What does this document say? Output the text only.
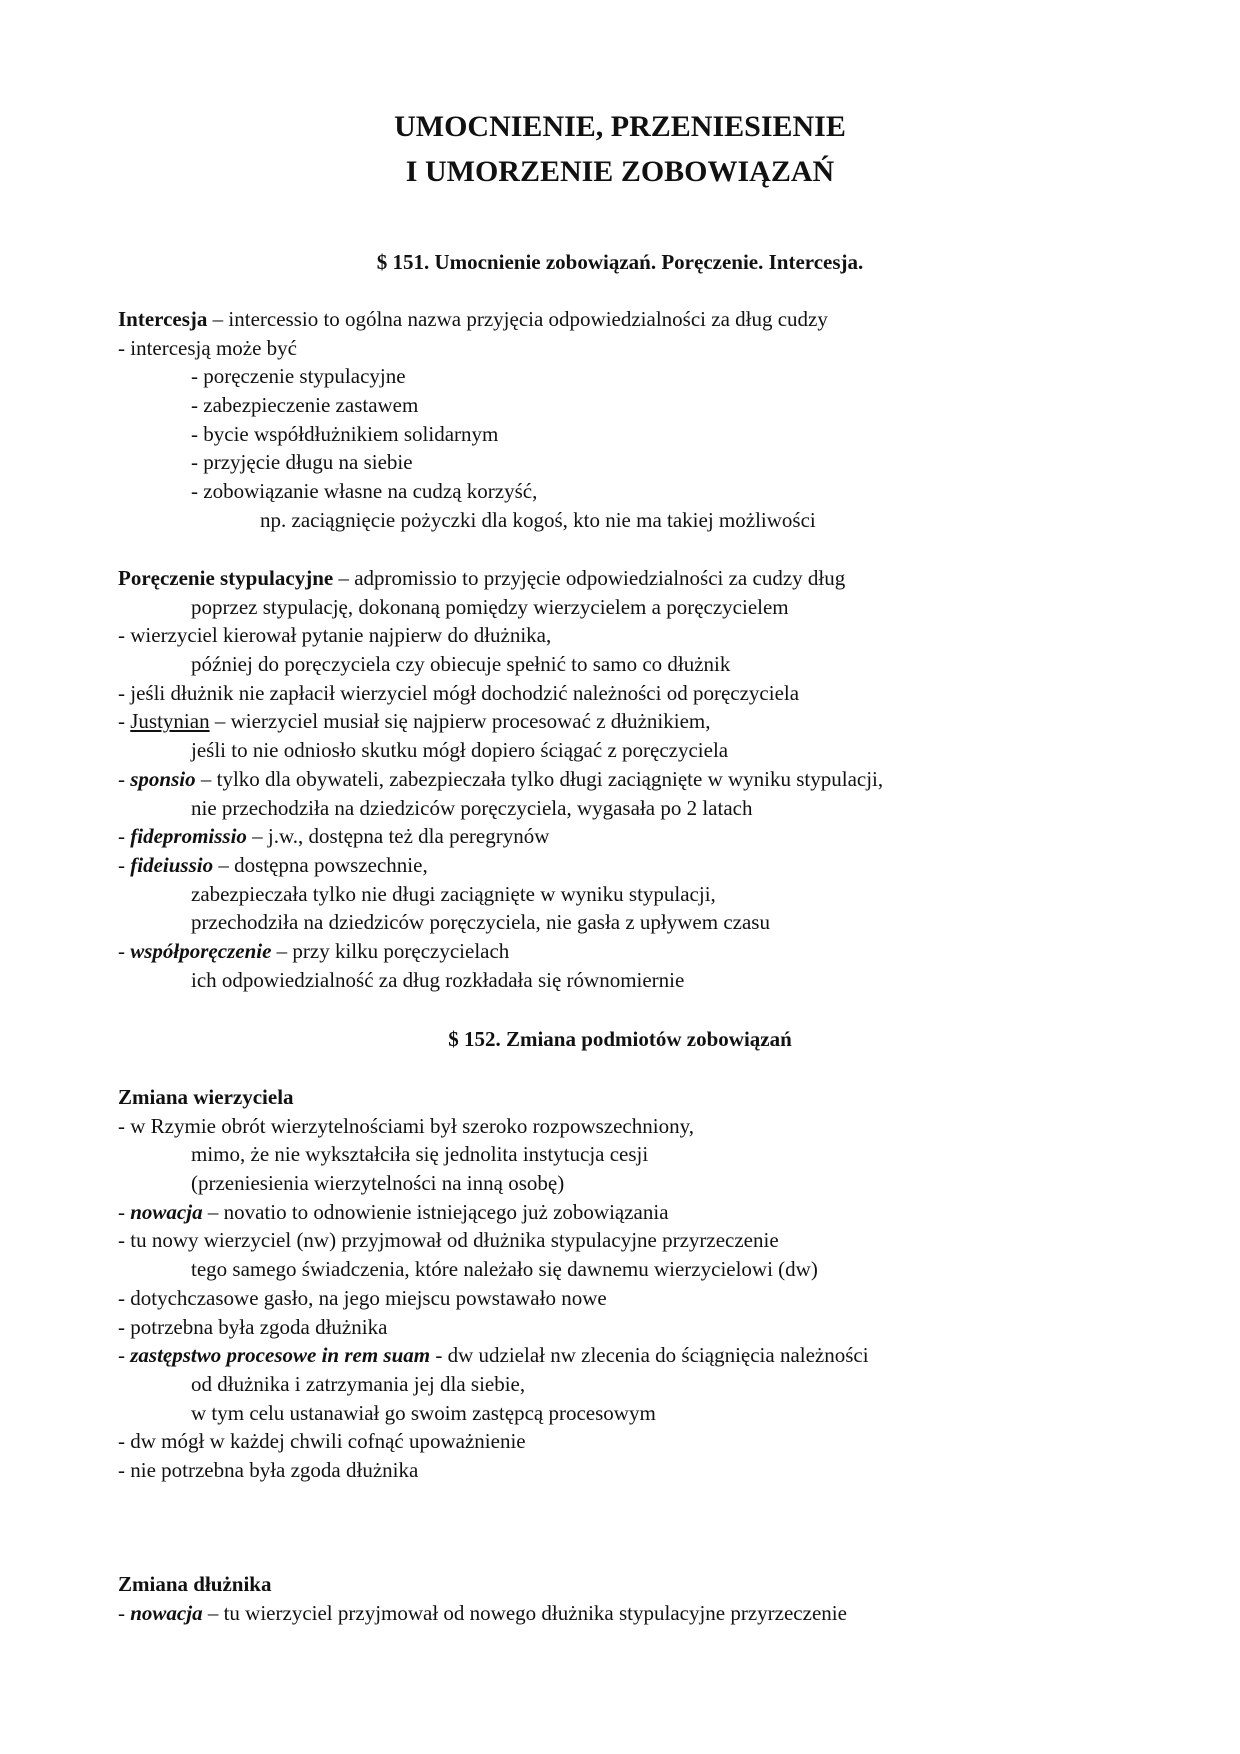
UMOCNIENIE, PRZENIESIENIE
I UMORZENIE ZOBOWIĄZAŃ
$ 151. Umocnienie zobowiązań. Poręczenie. Intercesja.
Intercesja – intercessio to ogólna nazwa przyjęcia odpowiedzialności za dług cudzy
- intercesją może być
- poręczenie stypulacyjne
- zabezpieczenie zastawem
- bycie współdłużnikiem solidarnym
- przyjęcie długu na siebie
- zobowiązanie własne na cudzą korzyść,
np. zaciągnięcie pożyczki dla kogoś, kto nie ma takiej możliwości
Poręczenie stypulacyjne – adpromissio to przyjęcie odpowiedzialności za cudzy dług
poprzez stypulację, dokonaną pomiędzy wierzycielem a poręczycielem
- wierzyciel kierował pytanie najpierw do dłużnika,
później do poręczyciela czy obiecuje spełnić to samo co dłużnik
- jeśli dłużnik nie zapłacił wierzyciel mógł dochodzić należności od poręczyciela
- Justynian – wierzyciel musiał się najpierw procesować z dłużnikiem,
jeśli to nie odniosło skutku mógł dopiero ściągać z poręczyciela
- sponsio – tylko dla obywateli, zabezpieczała tylko długi zaciągnięte w wyniku stypulacji,
nie przechodziła na dziedziców poręczyciela, wygasała po 2 latach
- fidepromissio – j.w., dostępna też dla peregrynów
- fideiussio – dostępna powszechnie,
zabezpieczała tylko nie długi zaciągnięte w wyniku stypulacji,
przechodziła na dziedziców poręczyciela, nie gasła z upływem czasu
- współporęczenie – przy kilku poręczycielach
ich odpowiedzialność za dług rozkładała się równomiernie
$ 152. Zmiana podmiotów zobowiązań
Zmiana wierzyciela
- w Rzymie obrót wierzytelnościami był szeroko rozpowszechniony,
mimo, że nie wykształciła się jednolita instytucja cesji
(przeniesienia wierzytelności na inną osobę)
- nowacja – novatio to odnowienie istniejącego już zobowiązania
- tu nowy wierzyciel (nw) przyjmował od dłużnika stypulacyjne przyrzeczenie
tego samego świadczenia, które należało się dawnemu wierzycielowi (dw)
- dotychczasowe gasło, na jego miejscu powstawało nowe
- potrzebna była zgoda dłużnika
- zastępstwo procesowe in rem suam - dw udzielał nw zlecenia do ściągnięcia należności
od dłużnika i zatrzymania jej dla siebie,
w tym celu ustanawiał go swoim zastępcą procesowym
- dw mógł w każdej chwili cofnąć upoważnienie
- nie potrzebna była zgoda dłużnika
Zmiana dłużnika
- nowacja – tu wierzyciel przyjmował od nowego dłużnika stypulacyjne przyrzeczenie
